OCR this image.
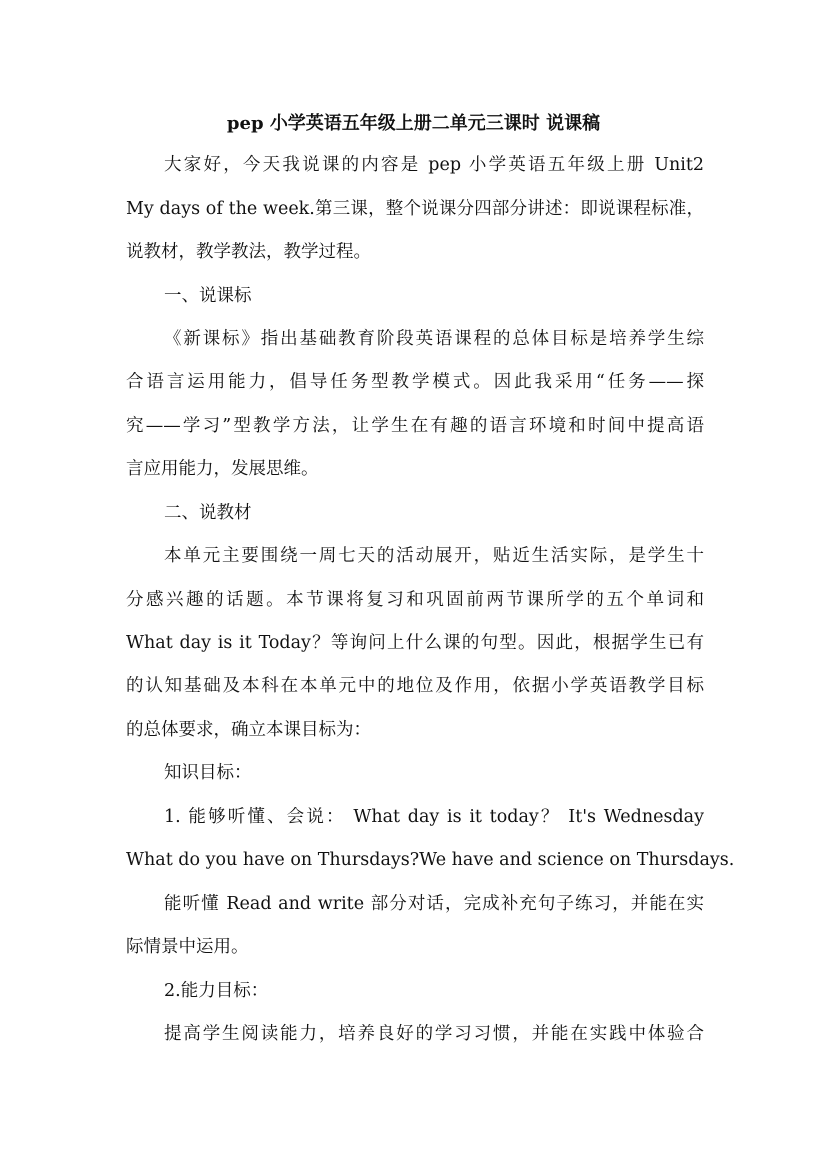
pep 小学英语五年级上册二单元三课时 说课稿
大家好，今天我说课的内容是 pep 小学英语五年级上册 Unit2
My days of the week.第三课，整个说课分四部分讲述：即说课程标准，
说教材，教学教法，教学过程。
一、说课标
《新课标》指出基础教育阶段英语课程的总体目标是培养学生综
合语言运用能力，倡导任务型教学模式。因此我采用“任务——探
究——学习”型教学方法，让学生在有趣的语言环境和时间中提高语
言应用能力，发展思维。
二、说教材
本单元主要围绕一周七天的活动展开，贴近生活实际，是学生十
分感兴趣的话题。本节课将复习和巩固前两节课所学的五个单词和
What day is it Today？等询问上什么课的句型。因此，根据学生已有
的认知基础及本科在本单元中的地位及作用，依据小学英语教学目标
的总体要求，确立本课目标为：
知识目标：
1. 能够听懂、会说： What day is it today？ It's Wednesday
What do you have on Thursdays?We have and science on Thursdays.
能听懂 Read and write 部分对话，完成补充句子练习，并能在实
际情景中运用。
2.能力目标：
提高学生阅读能力，培养良好的学习习惯，并能在实践中体验合
